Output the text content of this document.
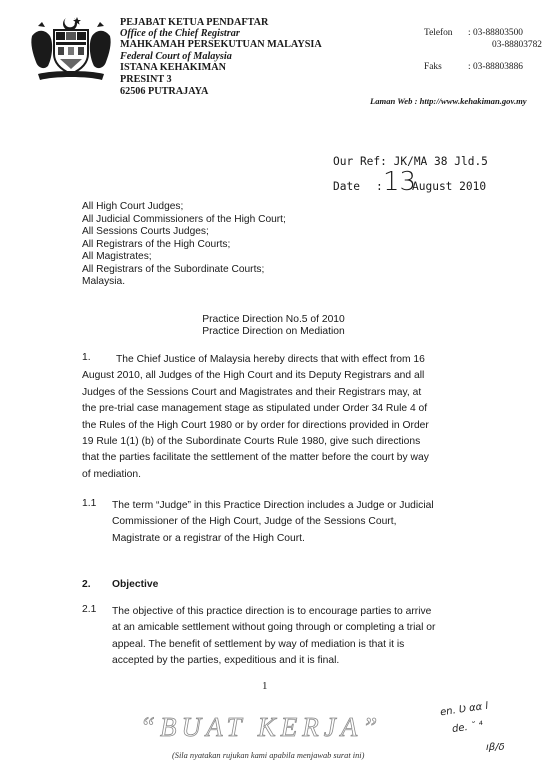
PEJABAT KETUA PENDAFTAR
Office of the Chief Registrar
MAHKAMAH PERSEKUTUAN MALAYSIA
Federal Court of Malaysia
ISTANA KEHAKIMAN
PRESINT 3
62506 PUTRAJAYA
Telefon : 03-88803500
03-88803782
Faks	: 03-88803886
Laman Web : http://www.kehakiman.gov.my
Our Ref: JK/MA 38 Jld.5
Date : 13
August 2010
All High Court Judges;
All Judicial Commissioners of the High Court;
All Sessions Courts Judges;
All Registrars of the High Courts;
All Magistrates;
All Registrars of the Subordinate Courts;
Malaysia.
Practice Direction No.5 of 2010
Practice Direction on Mediation
1.	The Chief Justice of Malaysia hereby directs that with effect from 16

August 2010, all Judges of the High Court and its Deputy Registrars and all

Judges of the Sessions Court and Magistrates and their Registrars may, at

the pre-trial case management stage as stipulated under Order 34 Rule 4 of

the Rules of the High Court 1980 or by order for directions provided in Order

19 Rule 1(1) (b) of the Subordinate Courts Rule 1980, give such directions

that the parties facilitate the settlement of the matter before the court by way

of mediation.

1.1 The term “Judge” in this Practice Direction includes a Judge or Judicial

Commissioner of the High Court, Judge of the Sessions Court,

Magistrate or a registrar of the High Court.

2. Objective
2.1 The objective of this practice direction is to encourage parties to arrive

at an amicable settlement without going through or completing a trial or

appeal. The benefit of settlement by way of mediation is that it is

accepted by the parties, expeditious and it is final.

1
“BUAT KERJA”
(Sila nyatakan rujukan kami apabila menjawab surat ini)
en. Ʋ αα l
de. ˘ ⁴
ıβ/δ
